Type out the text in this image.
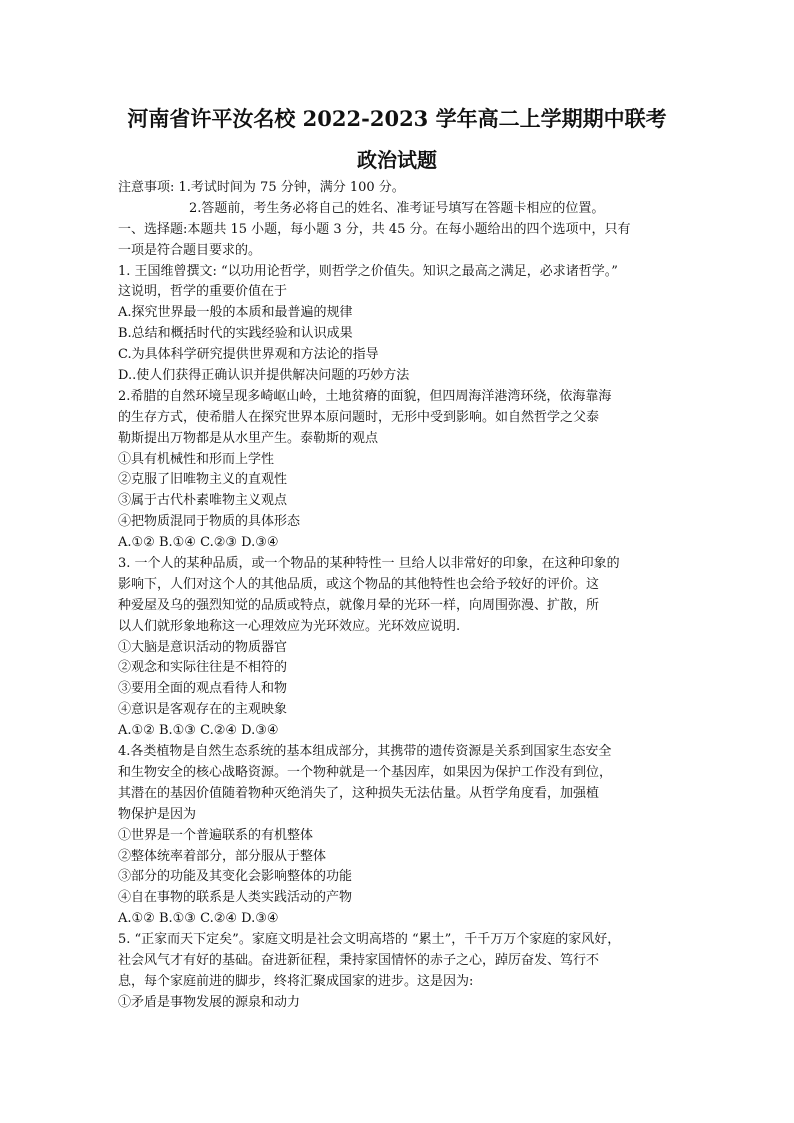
河南省许平汝名校 2022-2023 学年高二上学期期中联考
政治试题
注意事项: 1.考试时间为 75 分钟，满分 100 分。
2.答题前，考生务必将自己的姓名、准考证号填写在答题卡相应的位置。
一、选择题:本题共 15 小题，每小题 3 分，共 45 分。在每小题给出的四个选项中，只有
一项是符合题目要求的。
1. 王国维曾撰文: “以功用论哲学，则哲学之价值失。知识之最高之满足，必求诸哲学。”
这说明，哲学的重要价值在于
A.探究世界最一般的本质和最普遍的规律
B.总结和概括时代的实践经验和认识成果
C.为具体科学研究提供世界观和方法论的指导
D..使人们获得正确认识并提供解决问题的巧妙方法
2.希腊的自然环境呈现多崎岖山岭，土地贫瘠的面貌，但四周海洋港湾环绕，依海靠海
的生存方式，使希腊人在探究世界本原问题时，无形中受到影响。如自然哲学之父泰
勒斯提出万物都是从水里产生。泰勒斯的观点
①具有机械性和形而上学性
②克服了旧唯物主义的直观性
③属于古代朴素唯物主义观点
④把物质混同于物质的具体形态
A.①② B.①④ C.②③ D.③④
3. 一个人的某种品质，或一个物品的某种特性一 旦给人以非常好的印象，在这种印象的
影响下，人们对这个人的其他品质，或这个物品的其他特性也会给予较好的评价。这
种爱屋及乌的强烈知觉的品质或特点，就像月晕的光环一样，向周围弥漫、扩散，所
以人们就形象地称这一心理效应为光环效应。光环效应说明.
①大脑是意识活动的物质器官
②观念和实际往往是不相符的
③要用全面的观点看待人和物
④意识是客观存在的主观映象
A.①② B.①③ C.②④ D.③④
4.各类植物是自然生态系统的基本组成部分，其携带的遗传资源是关系到国家生态安全
和生物安全的核心战略资源。一个物种就是一个基因库，如果因为保护工作没有到位，
其潜在的基因价值随着物种灭绝消失了，这种损失无法估量。从哲学角度看，加强植
物保护是因为
①世界是一个普遍联系的有机整体
②整体统率着部分，部分服从于整体
③部分的功能及其变化会影响整体的功能
④自在事物的联系是人类实践活动的产物
A.①② B.①③ C.②④ D.③④
5. “正家而天下定矣”。家庭文明是社会文明高塔的 “累土”，千千万万个家庭的家风好，
社会风气才有好的基础。奋进新征程，秉持家国情怀的赤子之心，踔厉奋发、笃行不
息，每个家庭前进的脚步，终将汇聚成国家的进步。这是因为:
①矛盾是事物发展的源泉和动力
